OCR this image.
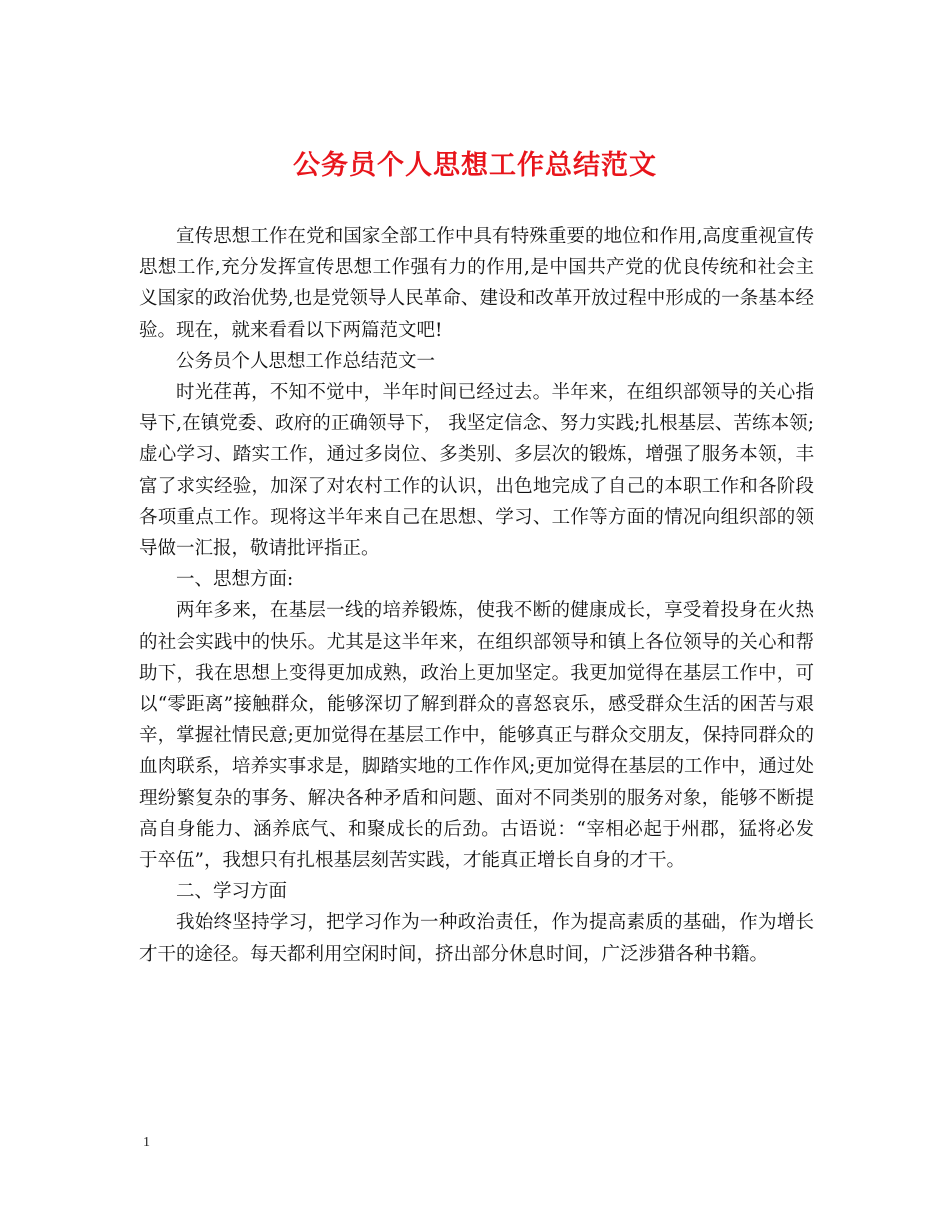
公务员个人思想工作总结范文

宣传思想工作在党和国家全部工作中具有特殊重要的地位和作用,高度重视宣传思想工作,充分发挥宣传思想工作强有力的作用,是中国共产党的优良传统和社会主义国家的政治优势,也是党领导人民革命、建设和改革开放过程中形成的一条基本经验。现在，就来看看以下两篇范文吧!

公务员个人思想工作总结范文一

时光荏苒，不知不觉中，半年时间已经过去。半年来，在组织部领导的关心指导下,在镇党委、政府的正确领导下， 我坚定信念、努力实践;扎根基层、苦练本领;虚心学习、踏实工作，通过多岗位、多类别、多层次的锻炼，增强了服务本领，丰富了求实经验，加深了对农村工作的认识，出色地完成了自己的本职工作和各阶段各项重点工作。现将这半年来自己在思想、学习、工作等方面的情况向组织部的领导做一汇报，敬请批评指正。

一、思想方面:

两年多来，在基层一线的培养锻炼，使我不断的健康成长，享受着投身在火热的社会实践中的快乐。尤其是这半年来，在组织部领导和镇上各位领导的关心和帮助下，我在思想上变得更加成熟，政治上更加坚定。我更加觉得在基层工作中，可以“零距离”接触群众，能够深切了解到群众的喜怒哀乐，感受群众生活的困苦与艰辛，掌握社情民意;更加觉得在基层工作中，能够真正与群众交朋友，保持同群众的血肉联系，培养实事求是，脚踏实地的工作作风;更加觉得在基层的工作中，通过处理纷繁复杂的事务、解决各种矛盾和问题、面对不同类别的服务对象，能够不断提高自身能力、涵养底气、和聚成长的后劲。古语说：“宰相必起于州郡，猛将必发于卒伍”，我想只有扎根基层刻苦实践，才能真正增长自身的才干。

二、学习方面

我始终坚持学习，把学习作为一种政治责任，作为提高素质的基础，作为增长才干的途径。每天都利用空闲时间，挤出部分休息时间，广泛涉猎各种书籍。

1
